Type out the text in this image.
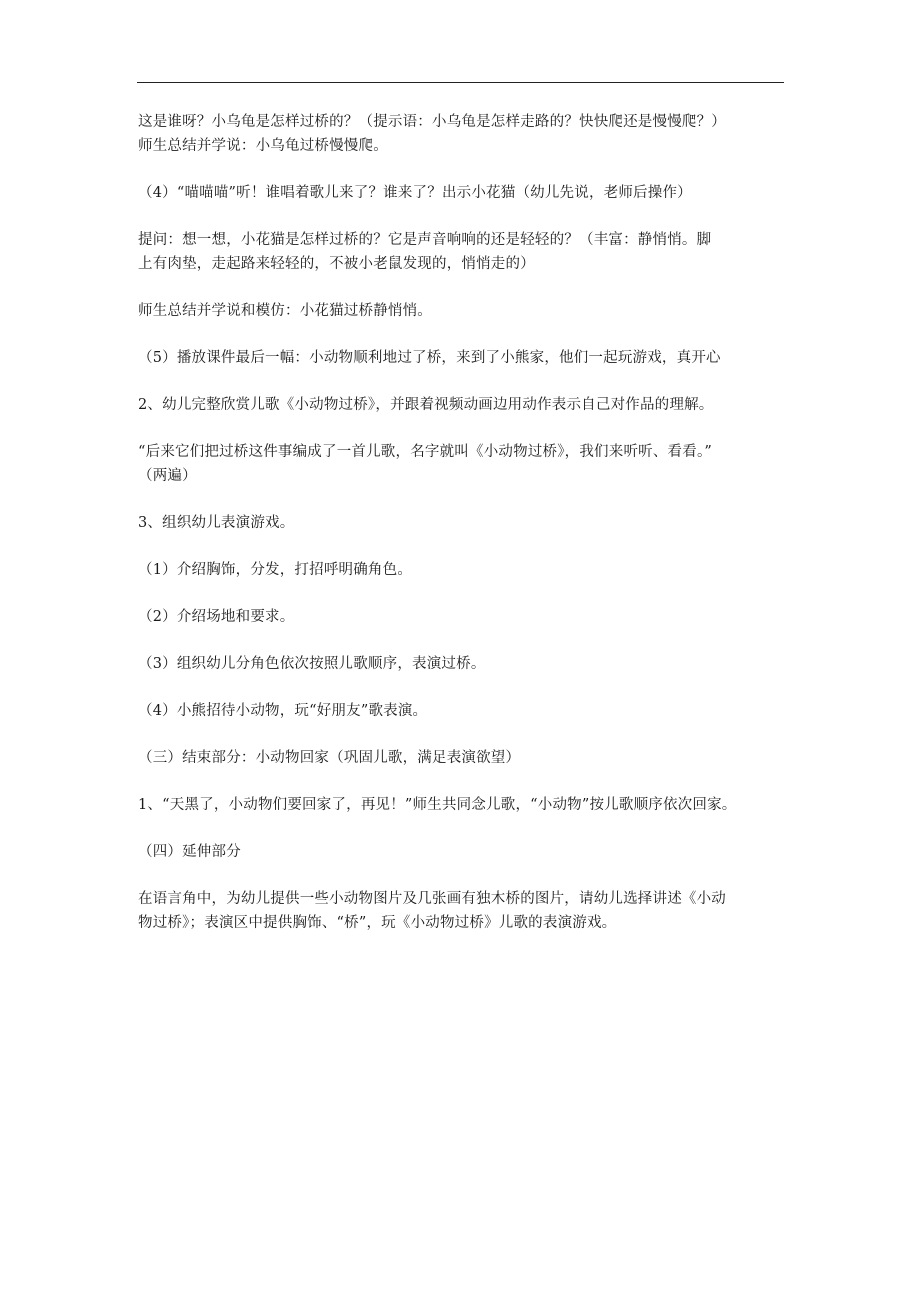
这是谁呀？小乌龟是怎样过桥的？（提示语：小乌龟是怎样走路的？快快爬还是慢慢爬？）
师生总结并学说：小乌龟过桥慢慢爬。

（4）“喵喵喵”听！谁唱着歌儿来了？谁来了？出示小花猫（幼儿先说，老师后操作）

提问：想一想，小花猫是怎样过桥的？它是声音响响的还是轻轻的？（丰富：静悄悄。脚
上有肉垫，走起路来轻轻的，不被小老鼠发现的，悄悄走的）

师生总结并学说和模仿：小花猫过桥静悄悄。

（5）播放课件最后一幅：小动物顺利地过了桥，来到了小熊家，他们一起玩游戏，真开心

2、幼儿完整欣赏儿歌《小动物过桥》，并跟着视频动画边用动作表示自己对作品的理解。

“后来它们把过桥这件事编成了一首儿歌，名字就叫《小动物过桥》，我们来听听、看看。”
（两遍）

3、组织幼儿表演游戏。

（1）介绍胸饰，分发，打招呼明确角色。

（2）介绍场地和要求。

（3）组织幼儿分角色依次按照儿歌顺序，表演过桥。

（4）小熊招待小动物，玩“好朋友”歌表演。

（三）结束部分：小动物回家（巩固儿歌，满足表演欲望）

1、“天黑了，小动物们要回家了，再见！”师生共同念儿歌，“小动物”按儿歌顺序依次回家。

（四）延伸部分

在语言角中，为幼儿提供一些小动物图片及几张画有独木桥的图片，请幼儿选择讲述《小动
物过桥》；表演区中提供胸饰、“桥”，玩《小动物过桥》儿歌的表演游戏。
